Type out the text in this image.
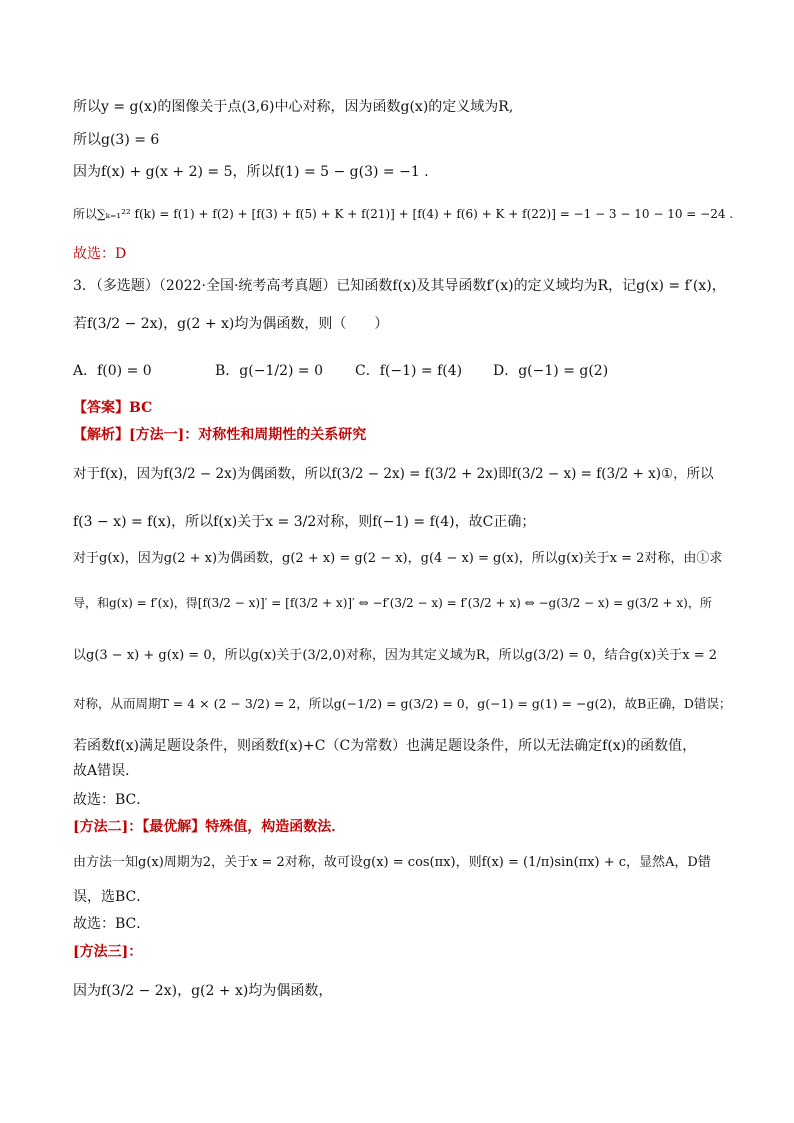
所以y = g(x)的图像关于点(3,6)中心对称，因为函数g(x)的定义域为R,
所以g(3) = 6
因为f(x) + g(x + 2) = 5，所以f(1) = 5 − g(3) = −1 .
所以∑ₖ₌₁²² f(k) = f(1) + f(2) + [f(3) + f(5) + K + f(21)] + [f(4) + f(6) + K + f(22)] = −1 − 3 − 10 − 10 = −24 .
故选：D
3．（多选题）（2022·全国·统考高考真题）已知函数f(x)及其导函数f′(x)的定义域均为R，记g(x) = f′(x)，
若f(3/2 − 2x)，g(2 + x)均为偶函数，则（　　）
A．f(0) = 0	B．g(−1/2) = 0	C．f(−1) = f(4)	D．g(−1) = g(2)
【答案】BC
【解析】[方法一]：对称性和周期性的关系研究
对于f(x)，因为f(3/2 − 2x)为偶函数，所以f(3/2 − 2x) = f(3/2 + 2x)即f(3/2 − x) = f(3/2 + x)①，所以
f(3 − x) = f(x)，所以f(x)关于x = 3/2对称，则f(−1) = f(4)，故C正确；
对于g(x)，因为g(2 + x)为偶函数，g(2 + x) = g(2 − x)，g(4 − x) = g(x)，所以g(x)关于x = 2对称，由①求
导，和g(x) = f′(x)，得[f(3/2 − x)]′ = [f(3/2 + x)]′ ⇔ −f′(3/2 − x) = f′(3/2 + x) ⇔ −g(3/2 − x) = g(3/2 + x)，所
以g(3 − x) + g(x) = 0，所以g(x)关于(3/2,0)对称，因为其定义域为R，所以g(3/2) = 0，结合g(x)关于x = 2
对称，从而周期T = 4 × (2 − 3/2) = 2，所以g(−1/2) = g(3/2) = 0，g(−1) = g(1) = −g(2)，故B正确，D错误；
若函数f(x)满足题设条件，则函数f(x)+C（C为常数）也满足题设条件，所以无法确定f(x)的函数值，
故A错误．
故选：BC．
[方法二]：【最优解】特殊值，构造函数法．
由方法一知g(x)周期为2，关于x = 2对称，故可设g(x) = cos(πx)，则f(x) = (1/π)sin(πx) + c，显然A，D错
误，选BC．
故选：BC．
[方法三]：
因为f(3/2 − 2x)，g(2 + x)均为偶函数，
